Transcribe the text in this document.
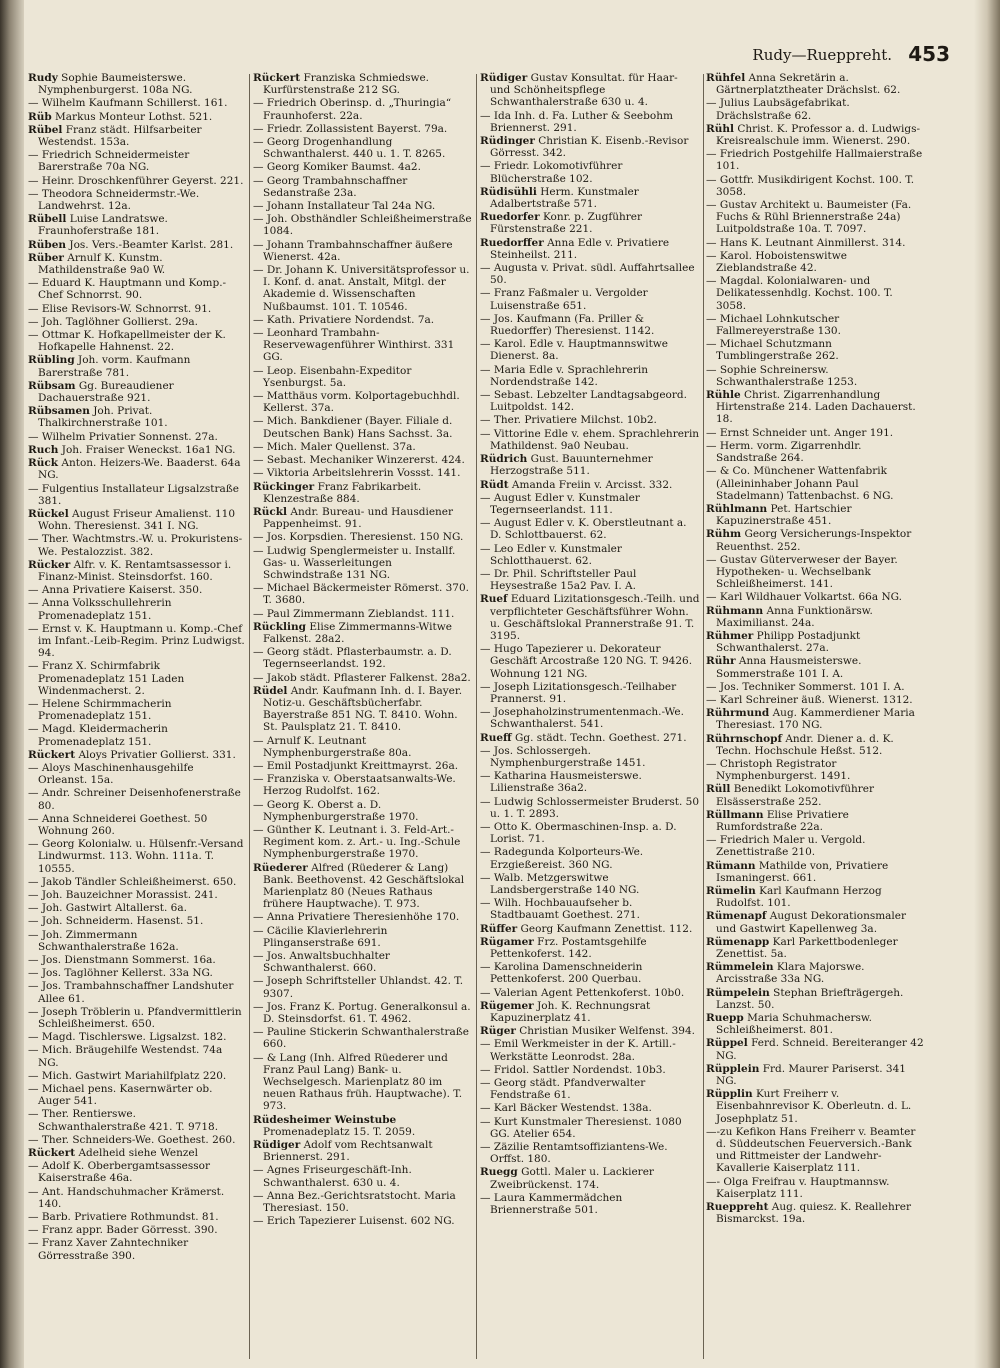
Rudy—Rueppreht. 453
Rudy Sophie Baumeisterswe. Nymphenburgerst. 108a NG.
— Wilhelm Kaufmann Schillerst. 161.
Rüb Markus Monteur Lothst. 521.
Rübel Franz städt. Hilfsarbeiter Westendst. 153a.
— Friedrich Schneidermeister Barerstraße 70a NG.
— Heinr. Droschkenführer Geyerst. 221.
— Theodora Schneidermstr.-We. Landwehrst. 12a.
Rübell Luise Landratswe. Fraunhoferstraße 181.
Rüben Jos. Vers.-Beamter Karlst. 281.
Rüber Arnulf K. Kunstm. Mathildenstraße 9a0 W.
— Eduard K. Hauptmann und Komp.-Chef Schnorrst. 90.
— Elise Revisors-W. Schnorrst. 91.
— Joh. Taglöhner Gollierst. 29a.
— Ottmar K. Hofkapellmeister der K. Hofkapelle Hahnenst. 22.
Rübling Joh. vorm. Kaufmann Barerstraße 781.
Rübsam Gg. Bureaudiener Dachauerstraße 921.
Rübsamen Joh. Privat. Thalkirchnerstraße 101.
— Wilhelm Privatier Sonnenst. 27a.
Ruch Joh. Fraiser Weneckst. 16a1 NG.
Rück Anton. Heizers-We. Baaderst. 64a NG.
— Fulgentius Installateur Ligsalzstraße 381.
Rückel August Friseur Amalienst. 110 Wohn. Theresienst. 341 I. NG.
— Ther. Wachtmstrs.-W. u. Prokuristens-We. Pestalozzist. 382.
Rücker Alfr. v. K. Rentamtsassessor i. Finanz-Minist. Steinsdorfst. 160.
— Anna Privatiere Kaiserst. 350.
— Anna Volksschullehrerin Promenadeplatz 151.
— Ernst v. K. Hauptmann u. Komp.-Chef im Infant.-Leib-Regim. Prinz Ludwigst. 94.
— Franz X. Schirmfabrik Promenadeplatz 151 Laden Windenmacherst. 2.
— Helene Schirmmacherin Promenadeplatz 151.
— Magd. Kleidermacherin Promenadeplatz 151.
Rückert Aloys Privatier Gollierst. 331.
— Aloys Maschinenhausgehilfe Orleanst. 15a.
— Andr. Schreiner Deisenhofenerstraße 80.
— Anna Schneiderei Goethest. 50 Wohnung 260.
— Georg Kolonialw. u. Hülsenfr.-Versand Lindwurmst. 113. Wohn. 111a. T. 10555.
— Jakob Tändler Schleißheimerst. 650.
— Joh. Bauzeichner Morassist. 241.
— Joh. Gastwirt Altallerst. 6a.
— Joh. Schneiderm. Hasenst. 51.
— Joh. Zimmermann Schwanthalerstraße 162a.
— Jos. Dienstmann Sommerst. 16a.
— Jos. Taglöhner Kellerst. 33a NG.
— Jos. Trambahnschaffner Landshuter Allee 61.
— Joseph Tröblerin u. Pfandvermittlerin Schleißheimerst. 650.
— Magd. Tischlerswe. Ligsalzst. 182.
— Mich. Bräugehilfe Westendst. 74a NG.
— Mich. Gastwirt Mariahilfplatz 220.
— Michael pens. Kasernwärter ob. Auger 541.
— Ther. Rentierswe. Schwanthalerstraße 421. T. 9718.
— Ther. Schneiders-We. Goethest. 260.
Rückert Adelheid siehe Wenzel
— Adolf K. Oberbergamtsassessor Kaiserstraße 46a.
— Ant. Handschuhmacher Krämerst. 140.
— Barb. Privatiere Rothmundst. 81.
— Franz appr. Bader Görresst. 390.
— Franz Xaver Zahntechniker Görresstraße 390.
Rückert Franziska Schmiedswe. Kurfürstenstraße 212 SG.
— Friedrich Oberinsp. d. „Thuringia“ Fraunhoferst. 22a.
— Friedr. Zollassistent Bayerst. 79a.
— Georg Drogenhandlung Schwanthalerst. 440 u. 1. T. 8265.
— Georg Komiker Baumst. 4a2.
— Georg Trambahnschaffner Sedanstraße 23a.
— Johann Installateur Tal 24a NG.
— Joh. Obsthändler Schleißheimerstraße 1084.
— Johann Trambahnschaffner äußere Wienerst. 42a.
— Dr. Johann K. Universitätsprofessor u. I. Konf. d. anat. Anstalt, Mitgl. der Akademie d. Wissenschaften Nußbaumst. 101. T. 10546.
— Kath. Privatiere Nordendst. 7a.
— Leonhard Trambahn-Reservewagenführer Winthirst. 331 GG.
— Leop. Eisenbahn-Expeditor Ysenburgst. 5a.
— Matthäus vorm. Kolportagebuchhdl. Kellerst. 37a.
— Mich. Bankdiener (Bayer. Filiale d. Deutschen Bank) Hans Sachsst. 3a.
— Mich. Maler Quellenst. 37a.
— Sebast. Mechaniker Winzererst. 424.
— Viktoria Arbeitslehrerin Vossst. 141.
Rückinger Franz Fabrikarbeit. Klenzestraße 884.
Rückl Andr. Bureau- und Hausdiener Pappenheimst. 91.
— Jos. Korpsdien. Theresienst. 150 NG.
— Ludwig Spenglermeister u. Installf. Gas- u. Wasserleitungen Schwindstraße 131 NG.
— Michael Bäckermeister Römerst. 370. T. 3680.
— Paul Zimmermann Zieblandst. 111.
Rückling Elise Zimmermanns-Witwe Falkenst. 28a2.
— Georg städt. Pflasterbaumstr. a. D. Tegernseerlandst. 192.
— Jakob städt. Pflasterer Falkenst. 28a2.
Rüdel Andr. Kaufmann Inh. d. I. Bayer. Notiz-u. Geschäftsbücherfabr. Bayerstraße 851 NG. T. 8410. Wohn. St. Paulsplatz 21. T. 8410.
— Arnulf K. Leutnant Nymphenburgerstraße 80a.
— Emil Postadjunkt Kreittmayrst. 26a.
— Franziska v. Oberstaatsanwalts-We. Herzog Rudolfst. 162.
— Georg K. Oberst a. D. Nymphenburgerstraße 1970.
— Günther K. Leutnant i. 3. Feld-Art.-Regiment kom. z. Art.- u. Ing.-Schule Nymphenburgerstraße 1970.
Rüederer Alfred (Rüederer & Lang) Bank. Beethovenst. 42 Geschäftslokal Marienplatz 80 (Neues Rathaus frühere Hauptwache). T. 973.
— Anna Privatiere Theresienhöhe 170.
— Cäcilie Klavierlehrerin Plinganserstraße 691.
— Jos. Anwaltsbuchhalter Schwanthalerst. 660.
— Joseph Schriftsteller Uhlandst. 42. T. 9307.
— Jos. Franz K. Portug. Generalkonsul a. D. Steinsdorfst. 61. T. 4962.
— Pauline Stickerin Schwanthalerstraße 660.
— & Lang (Inh. Alfred Rüederer und Franz Paul Lang) Bank- u. Wechselgesch. Marienplatz 80 im neuen Rathaus früh. Hauptwache). T. 973.
Rüdesheimer Weinstube Promenadeplatz 15. T. 2059.
Rüdiger Adolf vom Rechtsanwalt Briennerst. 291.
— Agnes Friseurgeschäft-Inh. Schwanthalerst. 630 u. 4.
— Anna Bez.-Gerichtsratstocht. Maria Theresiast. 150.
— Erich Tapezierer Luisenst. 602 NG.
Rüdiger Gustav Konsultat. für Haar- und Schönheitspflege Schwanthalerstraße 630 u. 4.
— Ida Inh. d. Fa. Luther & Seebohm Briennerst. 291.
Rüdinger Christian K. Eisenb.-Revisor Görresst. 342.
— Friedr. Lokomotivführer Blücherstraße 102.
Rüdisühli Herm. Kunstmaler Adalbertstraße 571.
Ruedorfer Konr. p. Zugführer Fürstenstraße 221.
Ruedorffer Anna Edle v. Privatiere Steinheilst. 211.
— Augusta v. Privat. südl. Auffahrtsallee 50.
— Franz Faßmaler u. Vergolder Luisenstraße 651.
— Jos. Kaufmann (Fa. Priller & Ruedorffer) Theresienst. 1142.
— Karol. Edle v. Hauptmannswitwe Dienerst. 8a.
— Maria Edle v. Sprachlehrerin Nordendstraße 142.
— Sebast. Lebzelter Landtagsabgeord. Luitpoldst. 142.
— Ther. Privatiere Milchst. 10b2.
— Vittorine Edle v. ehem. Sprachlehrerin Mathildenst. 9a0 Neubau.
Rüdrich Gust. Bauunternehmer Herzogstraße 511.
Rüdt Amanda Freiin v. Arcisst. 332.
— August Edler v. Kunstmaler Tegernseerlandst. 111.
— August Edler v. K. Oberstleutnant a. D. Schlottbauerst. 62.
— Leo Edler v. Kunstmaler Schlotthauerst. 62.
— Dr. Phil. Schriftsteller Paul Heysestraße 15a2 Pav. I. A.
Ruef Eduard Lizitationsgesch.-Teilh. und verpflichteter Geschäftsführer Wohn. u. Geschäftslokal Prannerstraße 91. T. 3195.
— Hugo Tapezierer u. Dekorateur Geschäft Arcostraße 120 NG. T. 9426. Wohnung 121 NG.
— Joseph Lizitationsgesch.-Teilhaber Prannerst. 91.
— Josephaholzinstrumentenmach.-We. Schwanthalerst. 541.
Rueff Gg. städt. Techn. Goethest. 271.
— Jos. Schlossergeh. Nymphenburgerstraße 1451.
— Katharina Hausmeisterswe. Lilienstraße 36a2.
— Ludwig Schlossermeister Bruderst. 50 u. 1. T. 2893.
— Otto K. Obermaschinen-Insp. a. D. Lorist. 71.
— Radegunda Kolporteurs-We. Erzgießereist. 360 NG.
— Walb. Metzgerswitwe Landsbergerstraße 140 NG.
— Wilh. Hochbauaufseher b. Stadtbauamt Goethest. 271.
Rüffer Georg Kaufmann Zenettist. 112.
Rügamer Frz. Postamtsgehilfe Pettenkoferst. 142.
— Karolina Damenschneiderin Pettenkoferst. 200 Querbau.
— Valerian Agent Pettenkoferst. 10b0.
Rügemer Joh. K. Rechnungsrat Kapuzinerplatz 41.
Rüger Christian Musiker Welfenst. 394.
— Emil Werkmeister in der K. Artill.-Werkstätte Leonrodst. 28a.
— Fridol. Sattler Nordendst. 10b3.
— Georg städt. Pfandverwalter Fendstraße 61.
— Karl Bäcker Westendst. 138a.
— Kurt Kunstmaler Theresienst. 1080 GG. Atelier 654.
— Zäzilie Rentamtsoffiziantens-We. Orffst. 180.
Ruegg Gottl. Maler u. Lackierer Zweibrückenst. 174.
— Laura Kammermädchen Briennerstraße 501.
Rühfel Anna Sekretärin a. Gärtnerplatztheater Drächslst. 62.
— Julius Laubsägefabrikat. Drächslstraße 62.
Rühl Christ. K. Professor a. d. Ludwigs-Kreisrealschule imm. Wienerst. 290.
— Friedrich Postgehilfe Hallmaierstraße 101.
— Gottfr. Musikdirigent Kochst. 100. T. 3058.
— Gustav Architekt u. Baumeister (Fa. Fuchs & Rühl Briennerstraße 24a) Luitpoldstraße 10a. T. 7097.
— Hans K. Leutnant Ainmillerst. 314.
— Karol. Hoboistenswitwe Zieblandstraße 42.
— Magdal. Kolonialwaren- und Delikatessenhdlg. Kochst. 100. T. 3058.
— Michael Lohnkutscher Fallmereyerstraße 130.
— Michael Schutzmann Tumblingerstraße 262.
— Sophie Schreinersw. Schwanthalerstraße 1253.
Rühle Christ. Zigarrenhandlung Hirtenstraße 214. Laden Dachauerst. 18.
— Ernst Schneider unt. Anger 191.
— Herm. vorm. Zigarrenhdlr. Sandstraße 264.
— & Co. Münchener Wattenfabrik (Alleininhaber Johann Paul Stadelmann) Tattenbachst. 6 NG.
Rühlmann Pet. Hartschier Kapuzinerstraße 451.
Rühm Georg Versicherungs-Inspektor Reuenthst. 252.
— Gustav Güterverweser der Bayer. Hypotheken- u. Wechselbank Schleißheimerst. 141.
— Karl Wildhauer Volkartst. 66a NG.
Rühmann Anna Funktionärsw. Maximilianst. 24a.
Rühmer Philipp Postadjunkt Schwanthalerst. 27a.
Rühr Anna Hausmeisterswe. Sommerstraße 101 I. A.
— Jos. Techniker Sommerst. 101 I. A.
— Karl Schreiner äuß. Wienerst. 1312.
Rührmund Aug. Kammerdiener Maria Theresiast. 170 NG.
Rührnschopf Andr. Diener a. d. K. Techn. Hochschule Heßst. 512.
— Christoph Registrator Nymphenburgerst. 1491.
Rüll Benedikt Lokomotivführer Elsässerstraße 252.
Rüllmann Elise Privatiere Rumfordstraße 22a.
— Friedrich Maler u. Vergold. Zenettistraße 210.
Rümann Mathilde von, Privatiere Ismaningerst. 661.
Rümelin Karl Kaufmann Herzog Rudolfst. 101.
Rümenapf August Dekorationsmaler und Gastwirt Kapellenweg 3a.
Rümenapp Karl Parkettbodenleger Zenettist. 5a.
Rümmelein Klara Majorswe. Arcisstraße 33a NG.
Rümpelein Stephan Briefträgergeh. Lanzst. 50.
Ruepp Maria Schuhmachersw. Schleißheimerst. 801.
Rüppel Ferd. Schneid. Bereiteranger 42 NG.
Rüpplein Frd. Maurer Pariserst. 341 NG.
Rüpplin Kurt Freiherr v. Eisenbahnrevisor K. Oberleutn. d. L. Josephplatz 51.
—-zu Kefikon Hans Freiherr v. Beamter d. Süddeutschen Feuerversich.-Bank und Rittmeister der Landwehr-Kavallerie Kaiserplatz 111.
—- Olga Freifrau v. Hauptmannsw. Kaiserplatz 111.
Rueppreht Aug. quiesz. K. Reallehrer Bismarckst. 19a.
